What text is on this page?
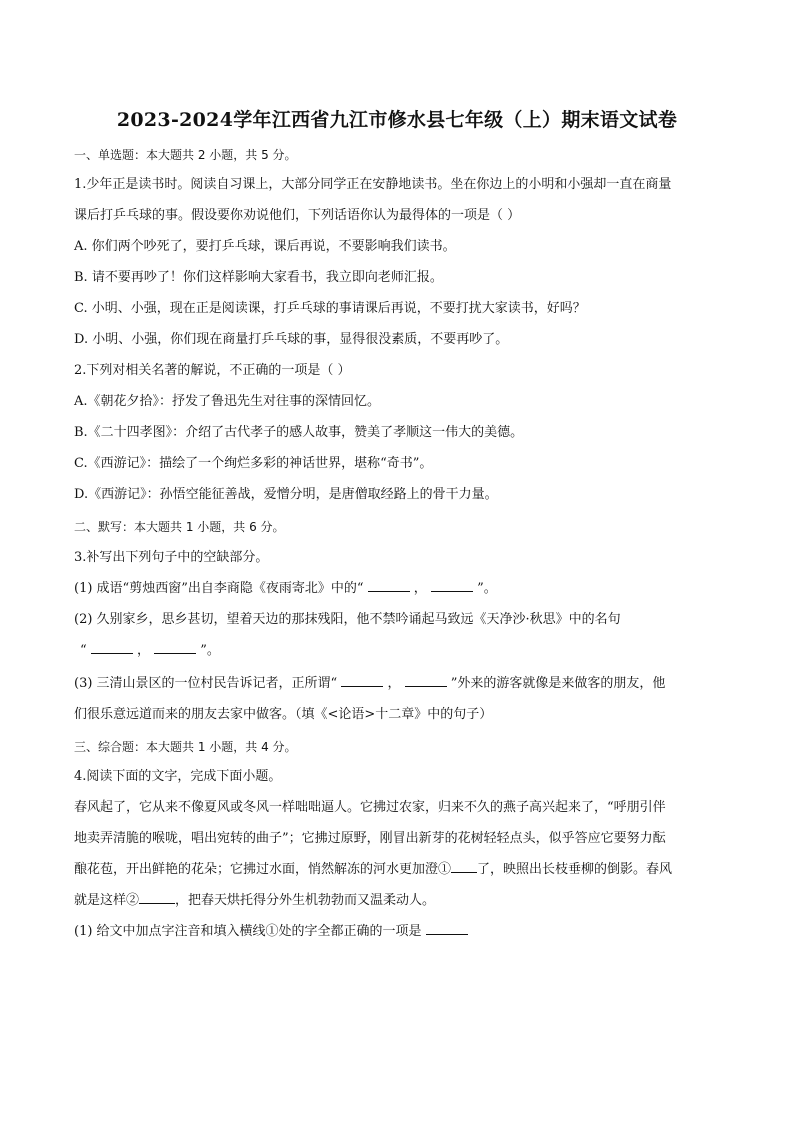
2023-2024学年江西省九江市修水县七年级（上）期末语文试卷
一、单选题：本大题共 2 小题，共 5 分。
1.少年正是读书时。阅读自习课上，大部分同学正在安静地读书。坐在你边上的小明和小强却一直在商量
课后打乒乓球的事。假设要你劝说他们，下列话语你认为最得体的一项是（ ）
A. 你们两个吵死了，要打乒乓球，课后再说，不要影响我们读书。
B. 请不要再吵了！你们这样影响大家看书，我立即向老师汇报。
C. 小明、小强，现在正是阅读课，打乒乓球的事请课后再说，不要打扰大家读书，好吗？
D. 小明、小强，你们现在商量打乒乓球的事，显得很没素质，不要再吵了。
2.下列对相关名著的解说，不正确的一项是（ ）
A.《朝花夕拾》：抒发了鲁迅先生对往事的深情回忆。
B.《二十四孝图》：介绍了古代孝子的感人故事，赞美了孝顺这一伟大的美德。
C.《西游记》：描绘了一个绚烂多彩的神话世界，堪称“奇书”。
D.《西游记》：孙悟空能征善战，爱憎分明，是唐僧取经路上的骨干力量。
二、默写：本大题共 1 小题，共 6 分。
3.补写出下列句子中的空缺部分。
(1) 成语“剪烛西窗”出自李商隐《夜雨寄北》中的“	，	”。
(2) 久别家乡，思乡甚切，望着天边的那抹残阳，他不禁吟诵起马致远《天净沙·秋思》中的名句
“	，	”。
(3) 三清山景区的一位村民告诉记者，正所谓“	，	”外来的游客就像是来做客的朋友，他
们很乐意远道而来的朋友去家中做客。（填《<论语>十二章》中的句子）
三、综合题：本大题共 1 小题，共 4 分。
4.阅读下面的文字，完成下面小题。
春风起了，它从来不像夏风或冬风一样咄咄逼人。它拂过农家，归来不久的燕子高兴起来了，“呼朋引伴
地卖弄清脆的喉咙，唱出宛转的曲子”；它拂过原野，刚冒出新芽的花树轻轻点头，似乎答应它要努力酝
酿花苞，开出鲜艳的花朵；它拂过水面，悄然解冻的河水更加澄① 了，映照出长枝垂柳的倒影。春风
就是这样②	，把春天烘托得分外生机勃勃而又温柔动人。
(1) 给文中加点字注音和填入横线①处的字全都正确的一项是
